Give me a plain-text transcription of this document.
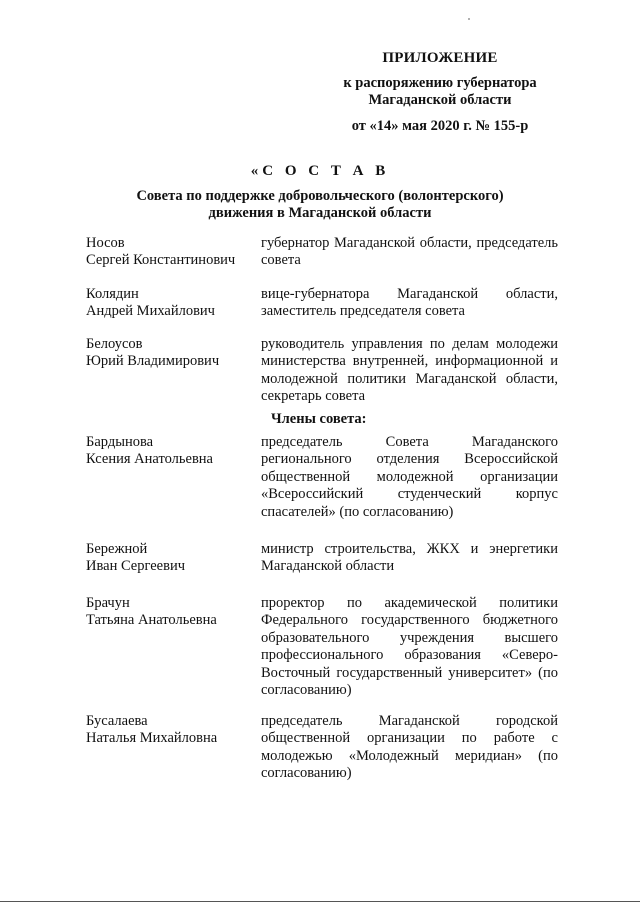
ПРИЛОЖЕНИЕ
к распоряжению губернатора
Магаданской области
от «14» мая 2020 г. № 155-р
«С О С Т А В
Совета по поддержке добровольческого (волонтерского)
движения в Магаданской области
Носов
Сергей Константинович
губернатор Магаданской области, председатель совета
Колядин
Андрей Михайлович
вице-губернатора Магаданской области, заместитель председателя совета
Белоусов
Юрий Владимирович
руководитель управления по делам молодежи министерства внутренней, информационной и молодежной политики Магаданской области, секретарь совета
Члены совета:
Бардынова
Ксения Анатольевна
председатель Совета Магаданского регионального отделения Всероссийской общественной молодежной организации «Всероссийский студенческий корпус спасателей» (по согласованию)
Бережной
Иван Сергеевич
министр строительства, ЖКХ и энергетики Магаданской области
Брачун
Татьяна Анатольевна
проректор по академической политики Федерального государственного бюджетного образовательного учреждения высшего профессионального образования «Северо-Восточный государственный университет» (по согласованию)
Бусалаева
Наталья Михайловна
председатель Магаданской городской общественной организации по работе с молодежью «Молодежный меридиан» (по согласованию)
